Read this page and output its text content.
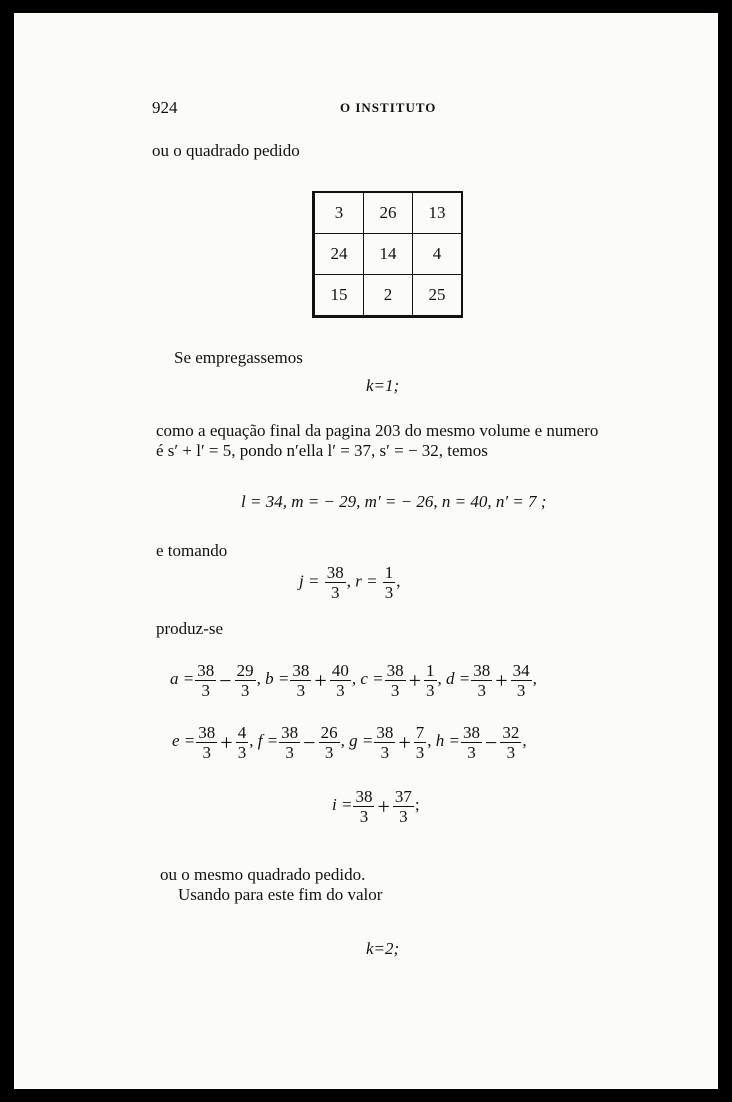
924	O INSTITUTO
ou o quadrado pedido
3	26	13
24	14	4
15	2	25
Se empregassemos
k=1;
como a equação final da pagina 203 do mesmo volume e numero
é s′ + l′ = 5, pondo n′ella l′ = 37, s′ = − 32, temos
l = 34, m = − 29, m′ = − 26, n = 40, n′ = 7 ;
e tomando
$j = \frac{38}{3}$ , $r = \frac{1}{3}$ ,
produz-se
$a = \frac{38}{3} - \frac{29}{3}$ , $b = \frac{38}{3} + \frac{40}{3}$ , $c = \frac{38}{3} + \frac{1}{3}$ , $d = \frac{38}{3} + \frac{34}{3}$ ,
$e = \frac{38}{3} + \frac{4}{3}$ , $f = \frac{38}{3} - \frac{26}{3}$ , $g = \frac{38}{3} + \frac{7}{3}$ , $h = \frac{38}{3} - \frac{32}{3}$ ,
$i = \frac{38}{3} + \frac{37}{3}$ ;
ou o mesmo quadrado pedido.
Usando para este fim do valor
k=2;
